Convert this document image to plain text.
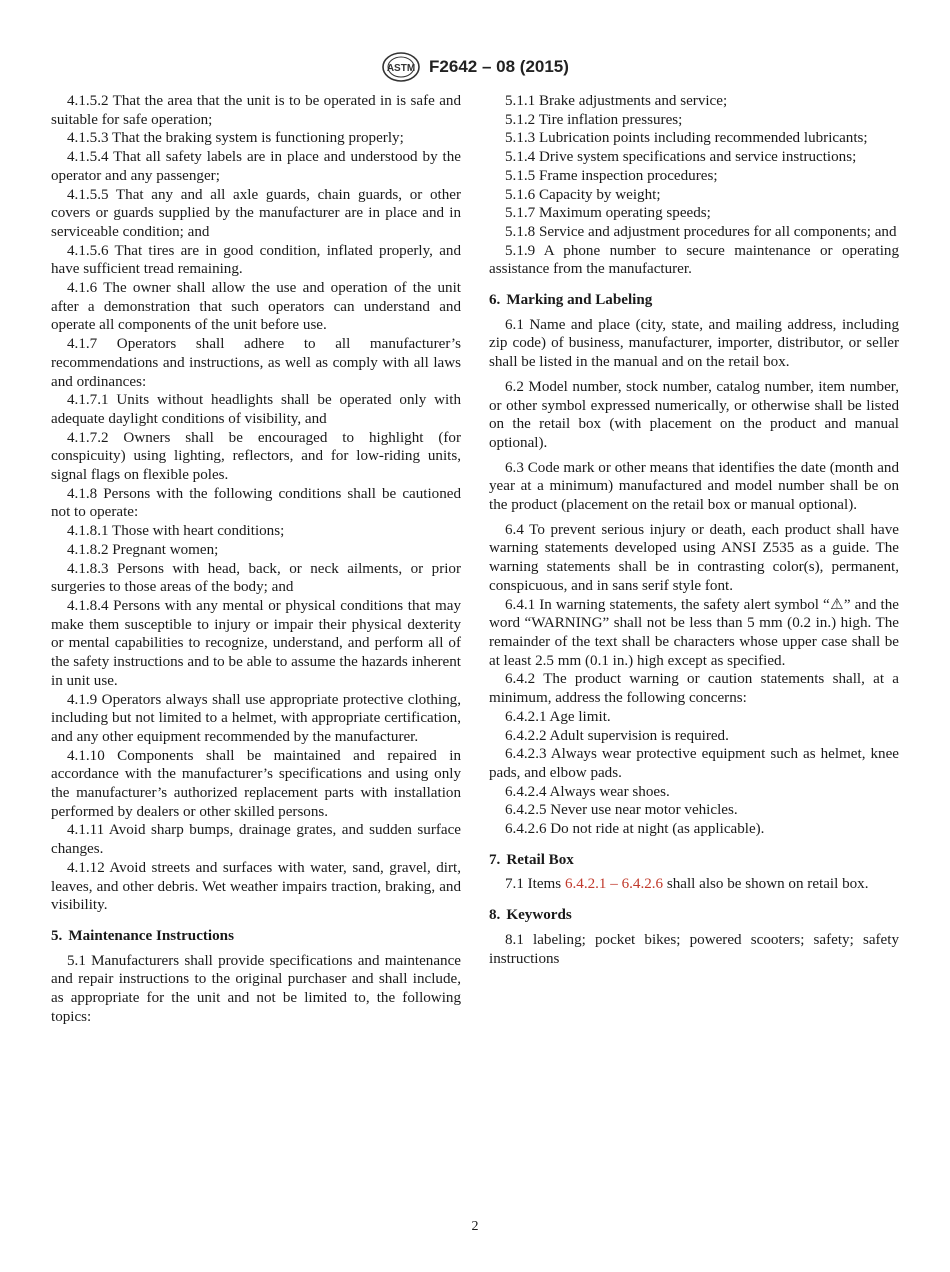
ASTM F2642 – 08 (2015)

4.1.5.2 That the area that the unit is to be operated in is safe and suitable for safe operation;

4.1.5.3 That the braking system is functioning properly;

4.1.5.4 That all safety labels are in place and understood by the operator and any passenger;

4.1.5.5 That any and all axle guards, chain guards, or other covers or guards supplied by the manufacturer are in place and in serviceable condition; and

4.1.5.6 That tires are in good condition, inflated properly, and have sufficient tread remaining.

4.1.6 The owner shall allow the use and operation of the unit after a demonstration that such operators can understand and operate all components of the unit before use.

4.1.7 Operators shall adhere to all manufacturer’s recommendations and instructions, as well as comply with all laws and ordinances:

4.1.7.1 Units without headlights shall be operated only with adequate daylight conditions of visibility, and

4.1.7.2 Owners shall be encouraged to highlight (for conspicuity) using lighting, reflectors, and for low-riding units, signal flags on flexible poles.

4.1.8 Persons with the following conditions shall be cautioned not to operate:

4.1.8.1 Those with heart conditions;

4.1.8.2 Pregnant women;

4.1.8.3 Persons with head, back, or neck ailments, or prior surgeries to those areas of the body; and

4.1.8.4 Persons with any mental or physical conditions that may make them susceptible to injury or impair their physical dexterity or mental capabilities to recognize, understand, and perform all of the safety instructions and to be able to assume the hazards inherent in unit use.

4.1.9 Operators always shall use appropriate protective clothing, including but not limited to a helmet, with appropriate certification, and any other equipment recommended by the manufacturer.

4.1.10 Components shall be maintained and repaired in accordance with the manufacturer’s specifications and using only the manufacturer’s authorized replacement parts with installation performed by dealers or other skilled persons.

4.1.11 Avoid sharp bumps, drainage grates, and sudden surface changes.

4.1.12 Avoid streets and surfaces with water, sand, gravel, dirt, leaves, and other debris. Wet weather impairs traction, braking, and visibility.

5. Maintenance Instructions

5.1 Manufacturers shall provide specifications and maintenance and repair instructions to the original purchaser and shall include, as appropriate for the unit and not be limited to, the following topics:

5.1.1 Brake adjustments and service;

5.1.2 Tire inflation pressures;

5.1.3 Lubrication points including recommended lubricants;

5.1.4 Drive system specifications and service instructions;

5.1.5 Frame inspection procedures;

5.1.6 Capacity by weight;

5.1.7 Maximum operating speeds;

5.1.8 Service and adjustment procedures for all components; and

5.1.9 A phone number to secure maintenance or operating assistance from the manufacturer.

6. Marking and Labeling

6.1 Name and place (city, state, and mailing address, including zip code) of business, manufacturer, importer, distributor, or seller shall be listed in the manual and on the retail box.

6.2 Model number, stock number, catalog number, item number, or other symbol expressed numerically, or otherwise shall be listed on the retail box (with placement on the product and manual optional).

6.3 Code mark or other means that identifies the date (month and year at a minimum) manufactured and model number shall be on the product (placement on the retail box or manual optional).

6.4 To prevent serious injury or death, each product shall have warning statements developed using ANSI Z535 as a guide. The warning statements shall be in contrasting color(s), permanent, conspicuous, and in sans serif style font.

6.4.1 In warning statements, the safety alert symbol “⚠” and the word “WARNING” shall not be less than 5 mm (0.2 in.) high. The remainder of the text shall be characters whose upper case shall be at least 2.5 mm (0.1 in.) high except as specified.

6.4.2 The product warning or caution statements shall, at a minimum, address the following concerns:

6.4.2.1 Age limit.

6.4.2.2 Adult supervision is required.

6.4.2.3 Always wear protective equipment such as helmet, knee pads, and elbow pads.

6.4.2.4 Always wear shoes.

6.4.2.5 Never use near motor vehicles.

6.4.2.6 Do not ride at night (as applicable).

7. Retail Box

7.1 Items 6.4.2.1 – 6.4.2.6 shall also be shown on retail box.

8. Keywords

8.1 labeling; pocket bikes; powered scooters; safety; safety instructions

2
